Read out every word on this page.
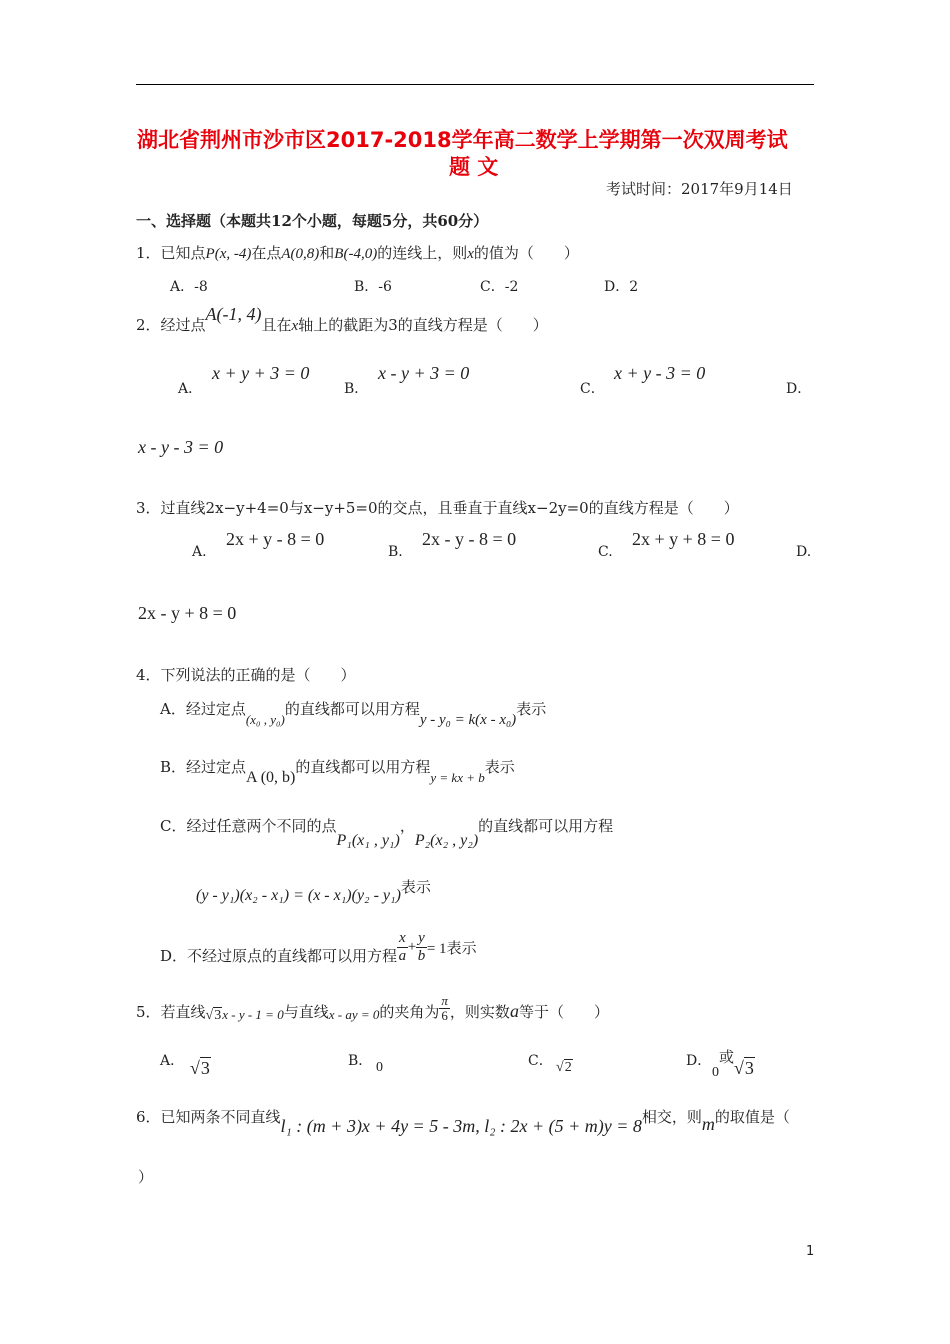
湖北省荆州市沙市区2017-2018学年高二数学上学期第一次双周考试
题 文
考试时间：2017年9月14日
一、选择题（本题共12个小题，每题5分，共60分）
1．已知点P(x, -4)在点A(0,8)和B(-4,0)的连线上，则x的值为（　　）
A．-8	B．-6	C．-2	D．2
2．经过点A(-1, 4)且在x轴上的截距为3的直线方程是（　　）
A．
x + y + 3 = 0
B．
x - y + 3 = 0
C．
x + y - 3 = 0
D．
x - y - 3 = 0
3．过直线2x−y+4=0与x−y+5=0的交点，且垂直于直线x−2y=0的直线方程是（　　）
A.
2x + y - 8 = 0
B.
2x - y - 8 = 0
C.
2x + y + 8 = 0
D.
2x - y + 8 = 0
4．下列说法的正确的是（　　）
A．经过定点(x₀ , y₀)的直线都可以用方程y - y₀ = k(x - x₀)表示
B．经过定点A (0, b)的直线都可以用方程y = kx + b表示
C．经过任意两个不同的点P₁(x₁ , y₁)，P₂(x₂ , y₂)的直线都可以用方程
(y - y₁)(x₂ - x₁) = (x - x₁)(y₂ - y₁)表示
D．不经过原点的直线都可以用方程 $\frac{x}{a} + \frac{y}{b} = 1$表示
5．若直线√3x - y - 1 = 0与直线x - ay = 0的夹角为 $\frac{\pi}{6}$ ，则实数a等于（　　）
A． √3	B． 0	C． √2	D．
0或√3
6．已知两条不同直线l₁ : (m + 3)x + 4y = 5 - 3m, l₂ : 2x + (5 + m)y = 8相交，则m的取值是（
）
1
